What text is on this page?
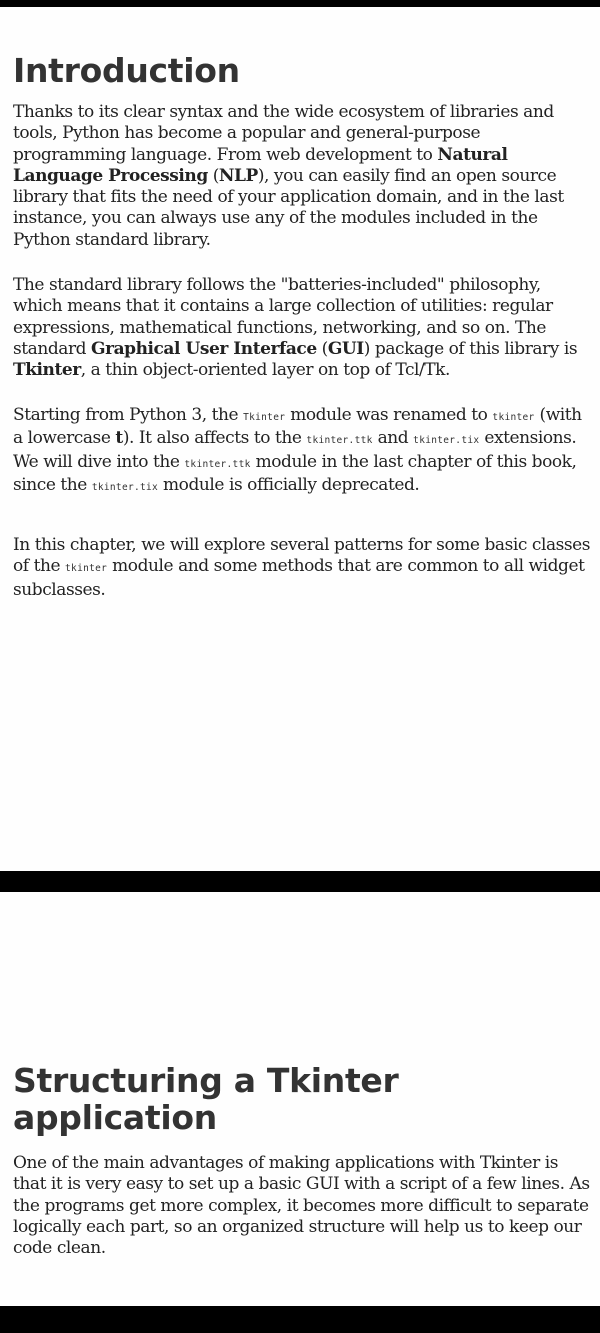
Introduction

Thanks to its clear syntax and the wide ecosystem of libraries and tools, Python has become a popular and general-purpose programming language. From web development to Natural Language Processing (NLP), you can easily find an open source library that fits the need of your application domain, and in the last instance, you can always use any of the modules included in the Python standard library.

The standard library follows the "batteries-included" philosophy, which means that it contains a large collection of utilities: regular expressions, mathematical functions, networking, and so on. The standard Graphical User Interface (GUI) package of this library is Tkinter, a thin object-oriented layer on top of Tcl/Tk.

Starting from Python 3, the Tkinter module was renamed to tkinter (with a lowercase t). It also affects to the tkinter.ttk and tkinter.tix extensions. We will dive into the tkinter.ttk module in the last chapter of this book, since the tkinter.tix module is officially deprecated.

In this chapter, we will explore several patterns for some basic classes of the tkinter module and some methods that are common to all widget subclasses.

Structuring a Tkinter application

One of the main advantages of making applications with Tkinter is that it is very easy to set up a basic GUI with a script of a few lines. As the programs get more complex, it becomes more difficult to separate logically each part, so an organized structure will help us to keep our code clean.
